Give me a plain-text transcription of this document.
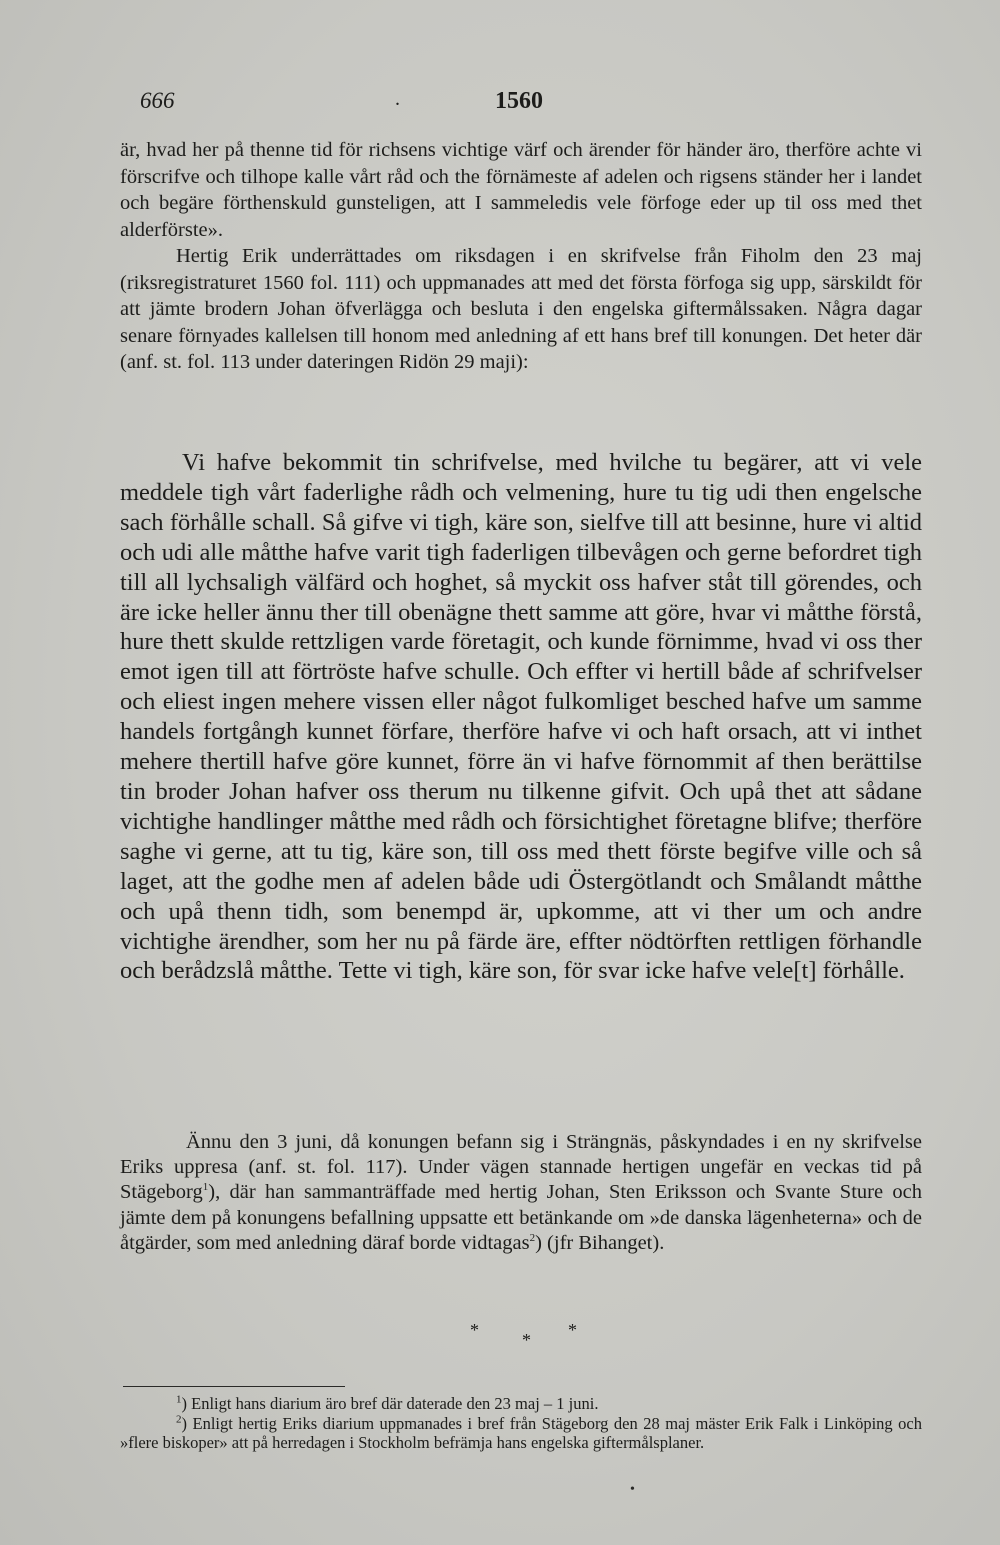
666	.	1560

är, hvad her på thenne tid för richsens vichtige värf och ärender för händer äro, therföre achte vi förscrifve och tilhope kalle vårt råd och the förnämeste af adelen och rigsens ständer her i landet och begäre förthenskuld gunsteligen, att I sammeledis vele förfoge eder up til oss med thet alderförste».

Hertig Erik underrättades om riksdagen i en skrifvelse från Fiholm den 23 maj (riksregistraturet 1560 fol. 111) och uppmanades att med det första förfoga sig upp, särskildt för att jämte brodern Johan öfverlägga och besluta i den engelska giftermålssaken. Några dagar senare förnyades kallelsen till honom med anledning af ett hans bref till konungen. Det heter där (anf. st. fol. 113 under dateringen Ridön 29 maji):

Vi hafve bekommit tin schrifvelse, med hvilche tu begärer, att vi vele meddele tigh vårt faderlighe rådh och velmening, hure tu tig udi then engelsche sach förhålle schall. Så gifve vi tigh, käre son, sielfve till att besinne, hure vi altid och udi alle måtthe hafve varit tigh faderligen tilbevågen och gerne befordret tigh till all lychsaligh välfärd och hoghet, så myckit oss hafver ståt till görendes, och äre icke heller ännu ther till obenägne thett samme att göre, hvar vi måtthe förstå, hure thett skulde rettzligen varde företagit, och kunde förnimme, hvad vi oss ther emot igen till att förtröste hafve schulle. Och effter vi hertill både af schrifvelser och eliest ingen mehere vissen eller något fulkomliget besched hafve um samme handels fortgångh kunnet förfare, therföre hafve vi och haft orsach, att vi inthet mehere thertill hafve göre kunnet, förre än vi hafve förnommit af then berättilse tin broder Johan hafver oss therum nu tilkenne gifvit. Och upå thet att sådane vichtighe handlinger måtthe med rådh och försichtighet företagne blifve; therföre saghe vi gerne, att tu tig, käre son, till oss med thett förste begifve ville och så laget, att the godhe men af adelen både udi Östergötlandt och Smålandt måtthe och upå thenn tidh, som benempd är, upkomme, att vi ther um och andre vichtighe ärendher, som her nu på färde äre, effter nödtörften rettligen förhandle och berådzslå måtthe. Tette vi tigh, käre son, för svar icke hafve vele[t] förhålle.

Ännu den 3 juni, då konungen befann sig i Strängnäs, påskyndades i en ny skrifvelse Eriks uppresa (anf. st. fol. 117). Under vägen stannade hertigen ungefär en veckas tid på Stägeborg$^1$), där han sammanträffade med hertig Johan, Sten Eriksson och Svante Sture och jämte dem på konungens befallning uppsatte ett betänkande om »de danska lägenheterna» och de åtgärder, som med anledning däraf borde vidtagas$^2$) (jfr Bihanget).

* * *

$^1$) Enligt hans diarium äro bref där daterade den 23 maj – 1 juni.

$^2$) Enligt hertig Eriks diarium uppmanades i bref från Stägeborg den 28 maj mäster Erik Falk i Linköping och »flere biskoper» att på herredagen i Stockholm befrämja hans engelska giftermålsplaner.

•
